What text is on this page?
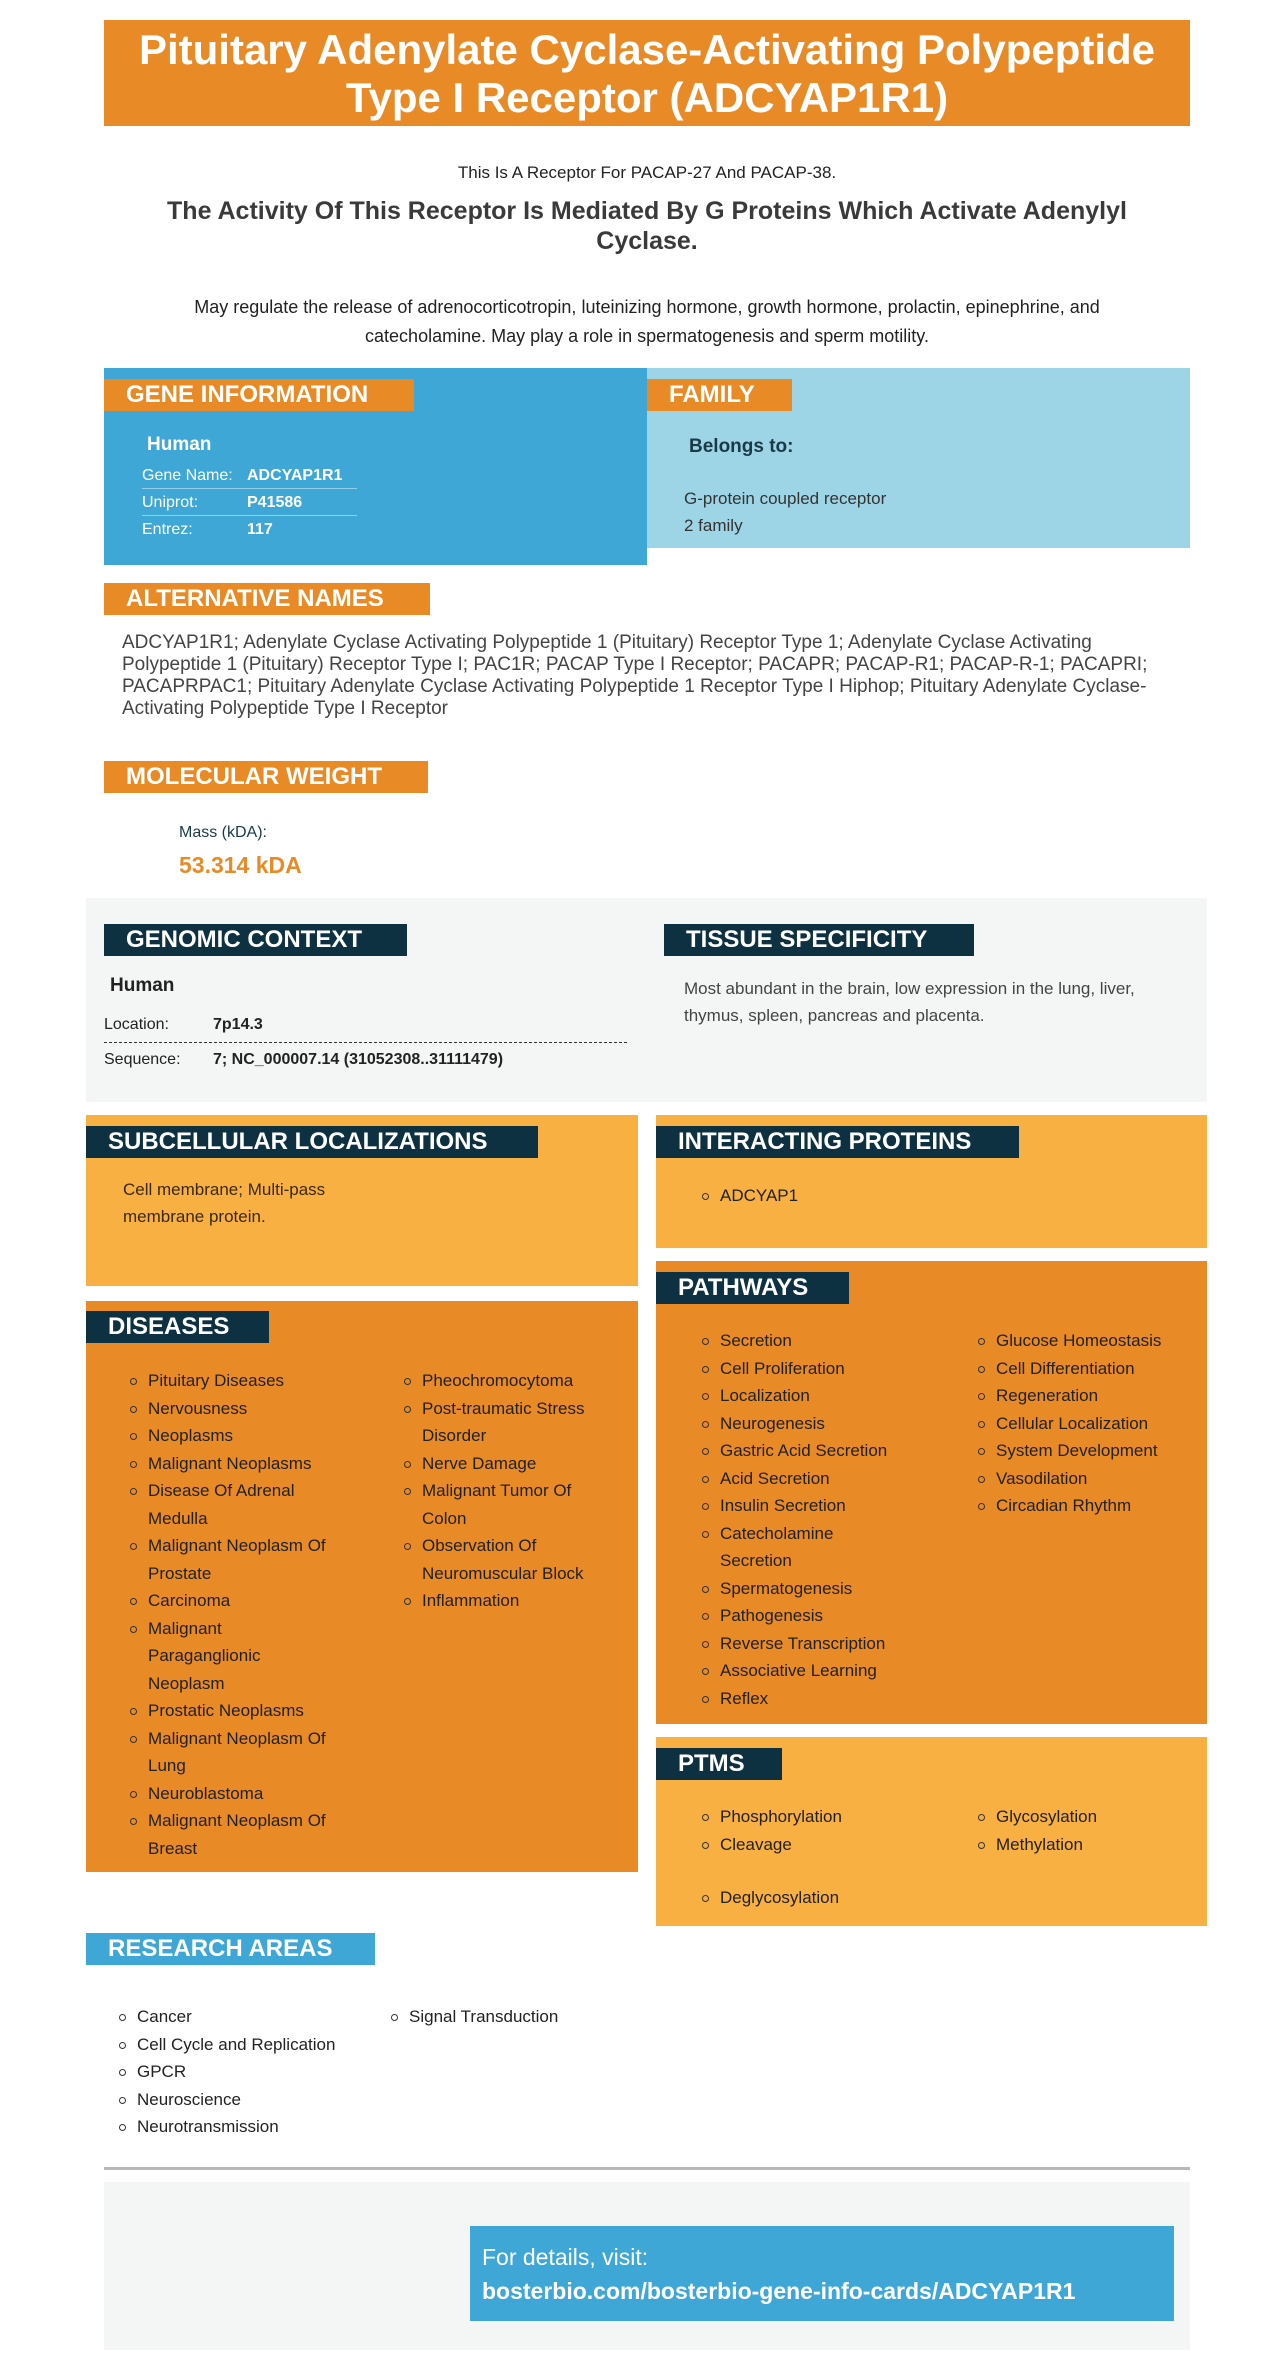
Pituitary Adenylate Cyclase-Activating Polypeptide Type I Receptor (ADCYAP1R1)
This Is A Receptor For PACAP-27 And PACAP-38.
The Activity Of This Receptor Is Mediated By G Proteins Which Activate Adenylyl Cyclase.
May regulate the release of adrenocorticotropin, luteinizing hormone, growth hormone, prolactin, epinephrine, and catecholamine. May play a role in spermatogenesis and sperm motility.
GENE INFORMATION
Human
Gene Name: ADCYAP1R1
Uniprot:	P41586
Entrez:	117
FAMILY
Belongs to:
G-protein coupled receptor
2 family
ALTERNATIVE NAMES
ADCYAP1R1; Adenylate Cyclase Activating Polypeptide 1 (Pituitary) Receptor Type 1; Adenylate Cyclase Activating Polypeptide 1 (Pituitary) Receptor Type I; PAC1R; PACAP Type I Receptor; PACAPR; PACAP-R1; PACAP-R-1; PACAPRI; PACAPRPAC1; Pituitary Adenylate Cyclase Activating Polypeptide 1 Receptor Type I Hiphop; Pituitary Adenylate Cyclase-Activating Polypeptide Type I Receptor
MOLECULAR WEIGHT
Mass (kDA):
53.314 kDA
GENOMIC CONTEXT
Human
Location:	7p14.3
Sequence:	7; NC_000007.14 (31052308..31111479)
TISSUE SPECIFICITY
Most abundant in the brain, low expression in the lung, liver, thymus, spleen, pancreas and placenta.
SUBCELLULAR LOCALIZATIONS
Cell membrane; Multi-pass membrane protein.
INTERACTING PROTEINS
ADCYAP1
PATHWAYS
Secretion
Cell Proliferation
Localization
Neurogenesis
Gastric Acid Secretion
Acid Secretion
Insulin Secretion
Catecholamine Secretion
Spermatogenesis
Pathogenesis
Reverse Transcription
Associative Learning
Reflex
Glucose Homeostasis
Cell Differentiation
Regeneration
Cellular Localization
System Development
Vasodilation
Circadian Rhythm
DISEASES
Pituitary Diseases
Nervousness
Neoplasms
Malignant Neoplasms
Disease Of Adrenal Medulla
Malignant Neoplasm Of Prostate
Carcinoma
Malignant Paraganglionic Neoplasm
Prostatic Neoplasms
Malignant Neoplasm Of Lung
Neuroblastoma
Malignant Neoplasm Of Breast
Pheochromocytoma
Post-traumatic Stress Disorder
Nerve Damage
Malignant Tumor Of Colon
Observation Of Neuromuscular Block
Inflammation
PTMS
Phosphorylation
Cleavage
Glycosylation
Methylation
Deglycosylation
RESEARCH AREAS
Cancer
Cell Cycle and Replication
GPCR
Neuroscience
Neurotransmission
Signal Transduction
For details, visit:
bosterbio.com/bosterbio-gene-info-cards/ADCYAP1R1
